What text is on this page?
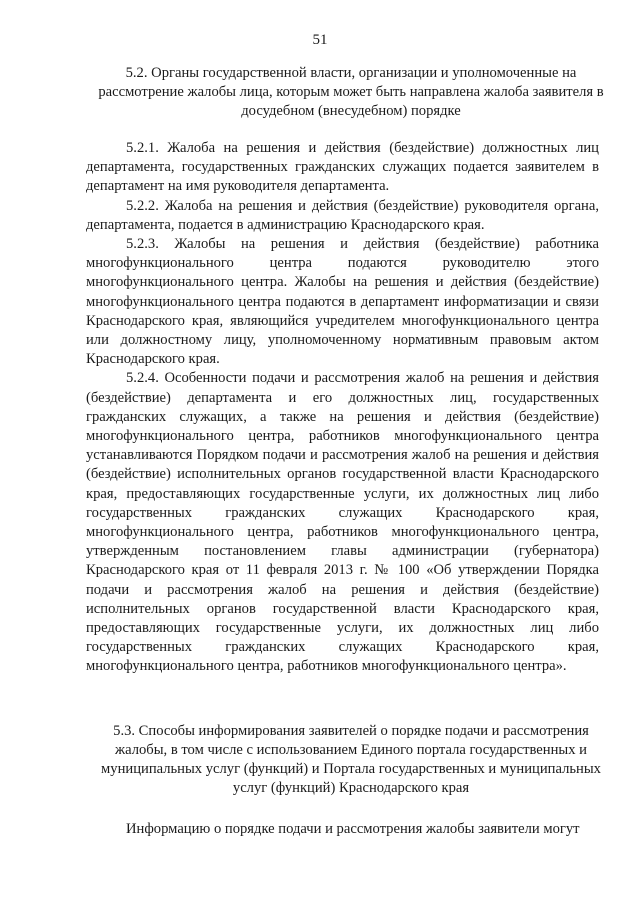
51
5.2. Органы государственной власти, организации и уполномоченные на рассмотрение жалобы лица, которым может быть направлена жалоба заявителя в досудебном (внесудебном) порядке

5.2.1. Жалоба на решения и действия (бездействие) должностных лиц департамента, государственных гражданских служащих подается заявителем в департамент на имя руководителя департамента.

5.2.2. Жалоба на решения и действия (бездействие) руководителя органа, департамента, подается в администрацию Краснодарского края.

5.2.3. Жалобы на решения и действия (бездействие) работника многофункционального центра подаются руководителю этого многофункционального центра. Жалобы на решения и действия (бездействие) многофункционального центра подаются в департамент информатизации и связи Краснодарского края, являющийся учредителем многофункционального центра или должностному лицу, уполномоченному нормативным правовым актом Краснодарского края.

5.2.4. Особенности подачи и рассмотрения жалоб на решения и действия (бездействие) департамента и его должностных лиц, государственных гражданских служащих, а также на решения и действия (бездействие) многофункционального центра, работников многофункционального центра устанавливаются Порядком подачи и рассмотрения жалоб на решения и действия (бездействие) исполнительных органов государственной власти Краснодарского края, предоставляющих государственные услуги, их должностных лиц либо государственных гражданских служащих Краснодарского края, многофункционального центра, работников многофункционального центра, утвержденным постановлением главы администрации (губернатора) Краснодарского края от 11 февраля 2013 г. № 100 «Об утверждении Порядка подачи и рассмотрения жалоб на решения и действия (бездействие) исполнительных органов государственной власти Краснодарского края, предоставляющих государственные услуги, их должностных лиц либо государственных гражданских служащих Краснодарского края, многофункционального центра, работников многофункционального центра».

5.3. Способы информирования заявителей о порядке подачи и рассмотрения жалобы, в том числе с использованием Единого портала государственных и муниципальных услуг (функций) и Портала государственных и муниципальных услуг (функций) Краснодарского края

Информацию о порядке подачи и рассмотрения жалобы заявители могут
